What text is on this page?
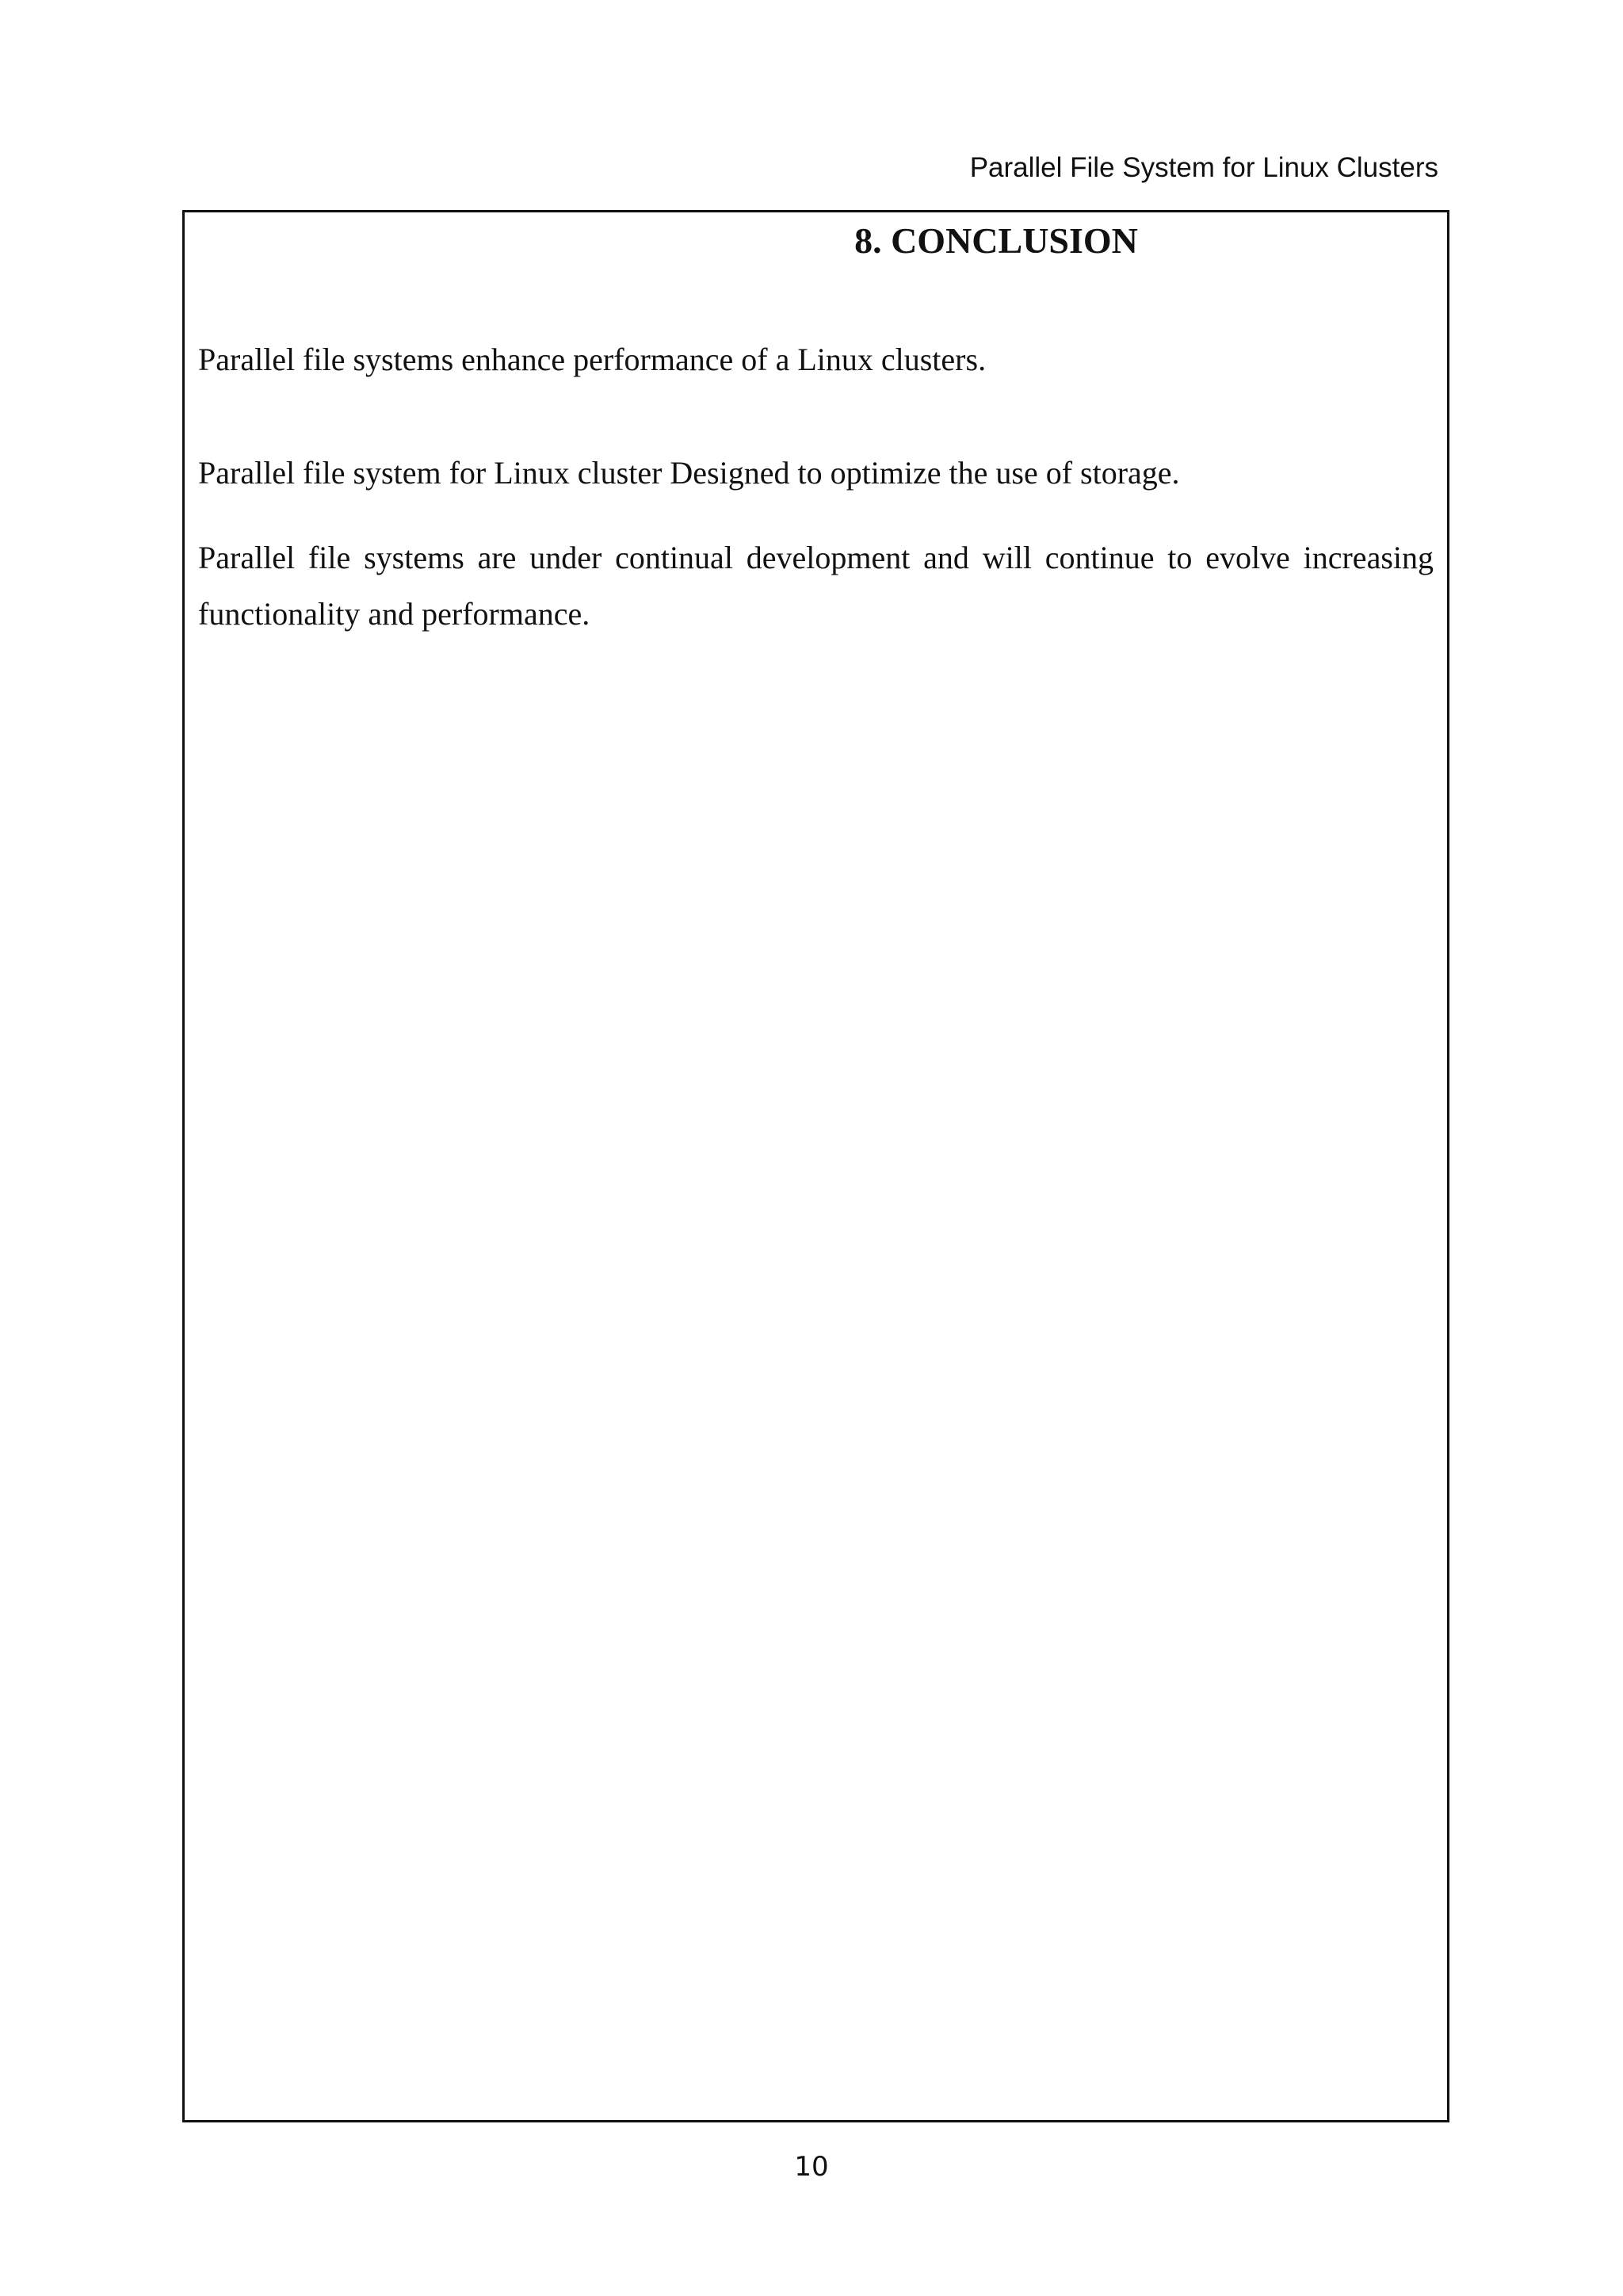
Parallel File System for Linux Clusters
8. CONCLUSION
Parallel file systems enhance performance of a Linux clusters.
Parallel file system for Linux cluster Designed to optimize the use of storage.
Parallel file systems are under continual development and will continue to evolve increasing functionality and performance.
10
